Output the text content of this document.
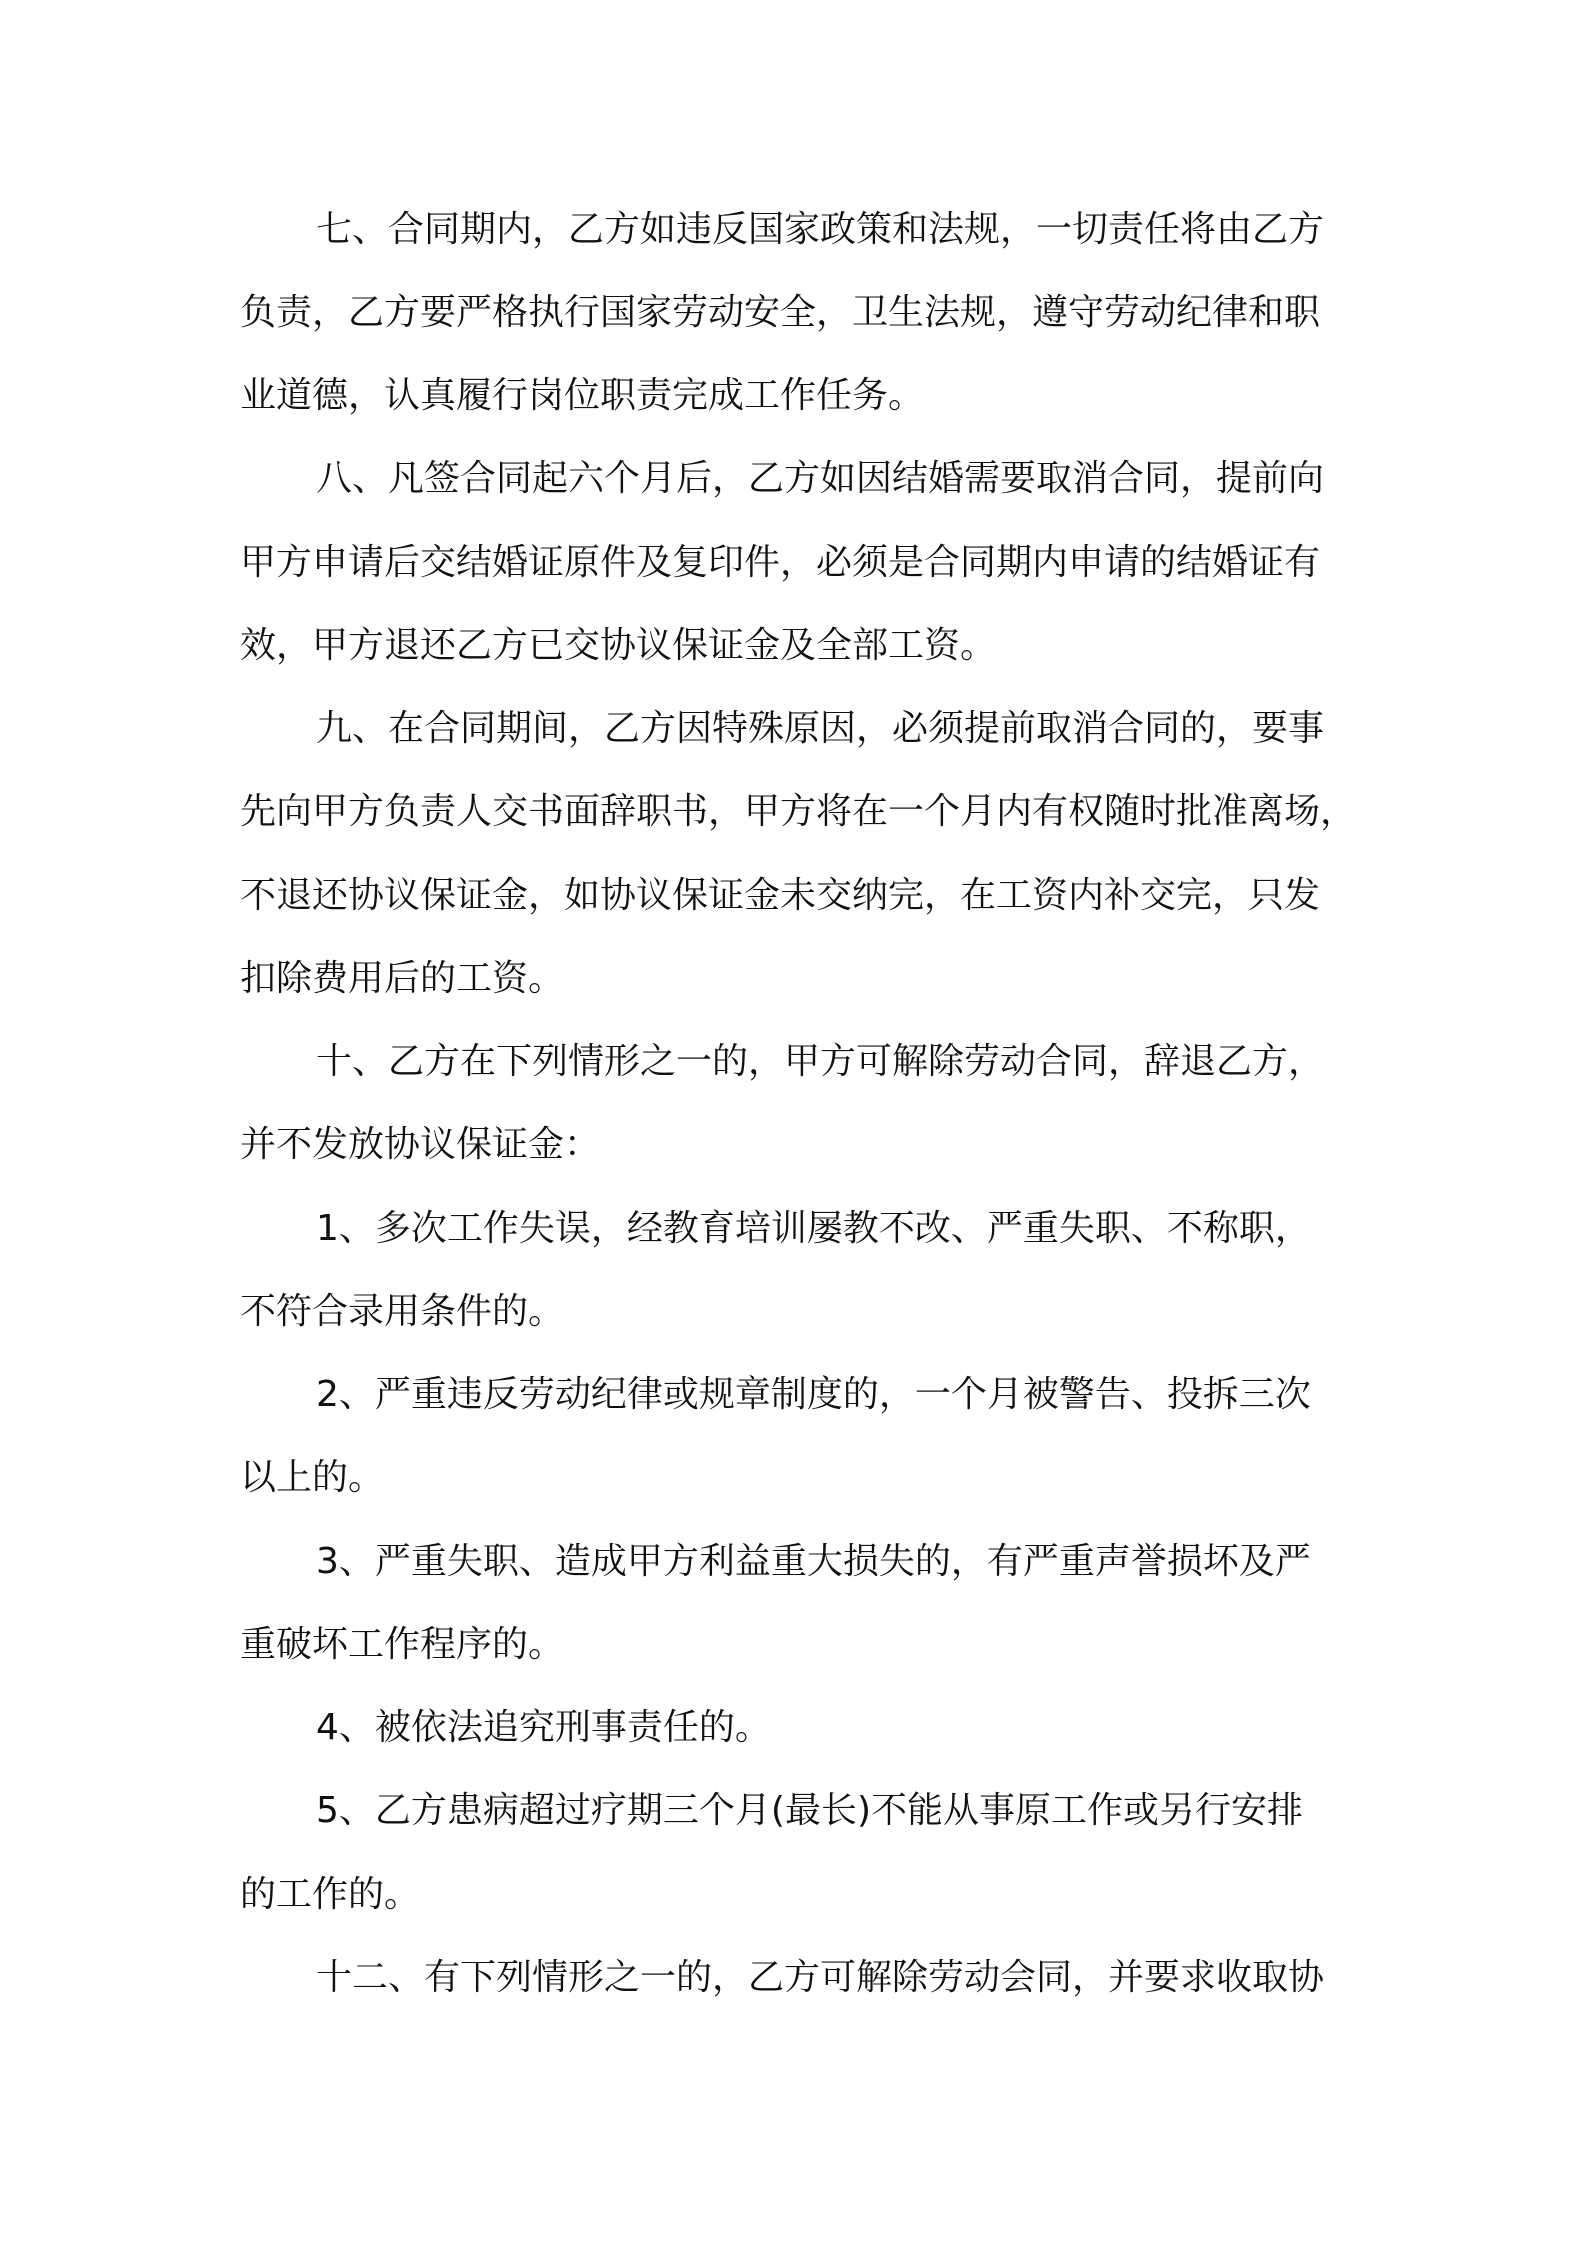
七、合同期内，乙方如违反国家政策和法规，一切责任将由乙方
负责，乙方要严格执行国家劳动安全，卫生法规，遵守劳动纪律和职
业道德，认真履行岗位职责完成工作任务。
八、凡签合同起六个月后，乙方如因结婚需要取消合同，提前向
甲方申请后交结婚证原件及复印件，必须是合同期内申请的结婚证有
效，甲方退还乙方已交协议保证金及全部工资。
九、在合同期间，乙方因特殊原因，必须提前取消合同的，要事
先向甲方负责人交书面辞职书，甲方将在一个月内有权随时批准离场，
不退还协议保证金，如协议保证金未交纳完，在工资内补交完，只发
扣除费用后的工资。
十、乙方在下列情形之一的，甲方可解除劳动合同，辞退乙方，
并不发放协议保证金：
1、多次工作失误，经教育培训屡教不改、严重失职、不称职，
不符合录用条件的。
2、严重违反劳动纪律或规章制度的，一个月被警告、投拆三次
以上的。
3、严重失职、造成甲方利益重大损失的，有严重声誉损坏及严
重破坏工作程序的。
4、被依法追究刑事责任的。
5、乙方患病超过疗期三个月(最长)不能从事原工作或另行安排
的工作的。
十二、有下列情形之一的，乙方可解除劳动会同，并要求收取协
